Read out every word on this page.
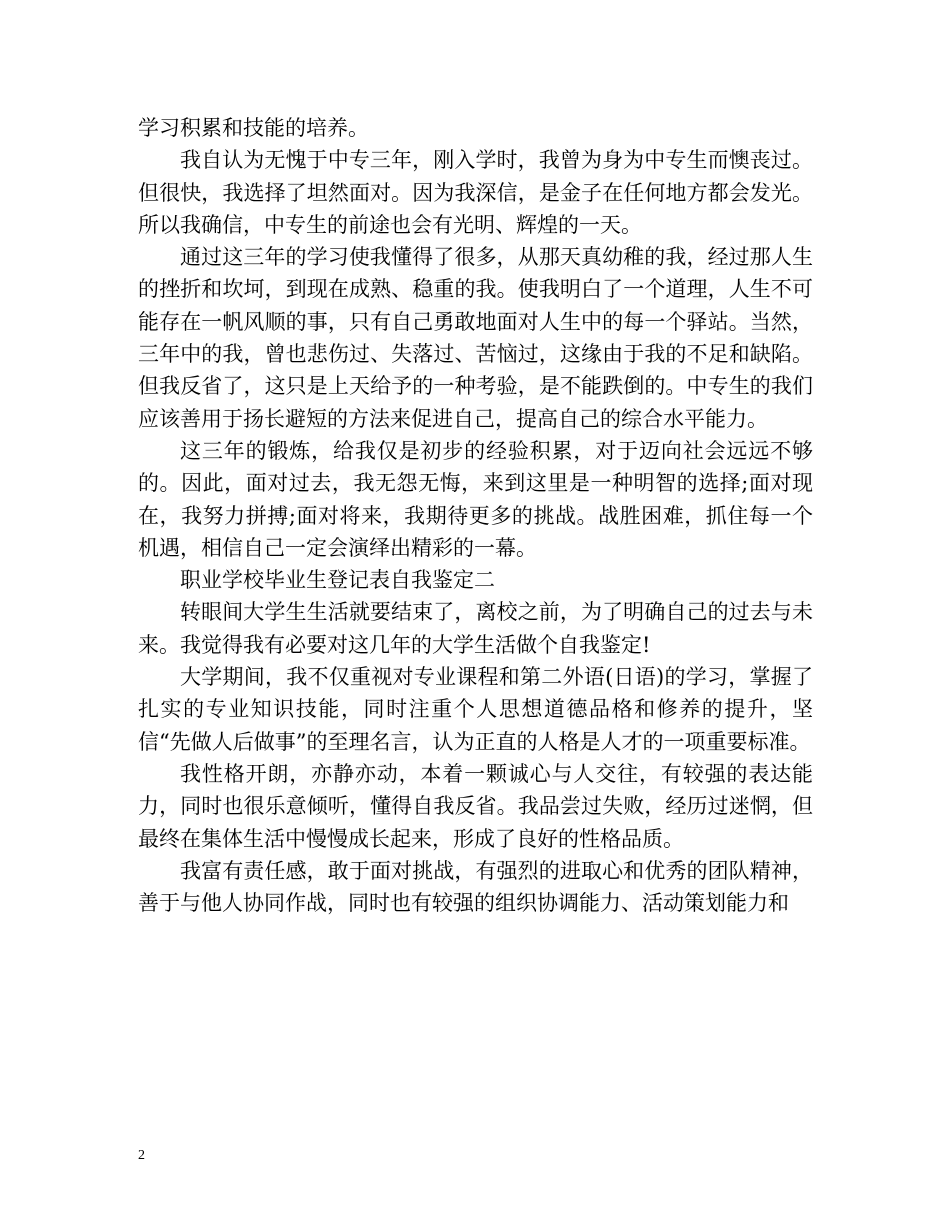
学习积累和技能的培养。

我自认为无愧于中专三年，刚入学时，我曾为身为中专生而懊丧过。但很快，我选择了坦然面对。因为我深信，是金子在任何地方都会发光。所以我确信，中专生的前途也会有光明、辉煌的一天。

通过这三年的学习使我懂得了很多，从那天真幼稚的我，经过那人生的挫折和坎坷，到现在成熟、稳重的我。使我明白了一个道理，人生不可能存在一帆风顺的事，只有自己勇敢地面对人生中的每一个驿站。当然，三年中的我，曾也悲伤过、失落过、苦恼过，这缘由于我的不足和缺陷。但我反省了，这只是上天给予的一种考验，是不能跌倒的。中专生的我们应该善用于扬长避短的方法来促进自己，提高自己的综合水平能力。

这三年的锻炼，给我仅是初步的经验积累，对于迈向社会远远不够的。因此，面对过去，我无怨无悔，来到这里是一种明智的选择;面对现在，我努力拼搏;面对将来，我期待更多的挑战。战胜困难，抓住每一个机遇，相信自己一定会演绎出精彩的一幕。

职业学校毕业生登记表自我鉴定二

转眼间大学生生活就要结束了，离校之前，为了明确自己的过去与未来。我觉得我有必要对这几年的大学生活做个自我鉴定!

大学期间，我不仅重视对专业课程和第二外语(日语)的学习，掌握了扎实的专业知识技能，同时注重个人思想道德品格和修养的提升，坚信“先做人后做事”的至理名言，认为正直的人格是人才的一项重要标准。

我性格开朗，亦静亦动，本着一颗诚心与人交往，有较强的表达能力，同时也很乐意倾听，懂得自我反省。我品尝过失败，经历过迷惘，但最终在集体生活中慢慢成长起来，形成了良好的性格品质。

我富有责任感，敢于面对挑战，有强烈的进取心和优秀的团队精神，善于与他人协同作战，同时也有较强的组织协调能力、活动策划能力和

2
